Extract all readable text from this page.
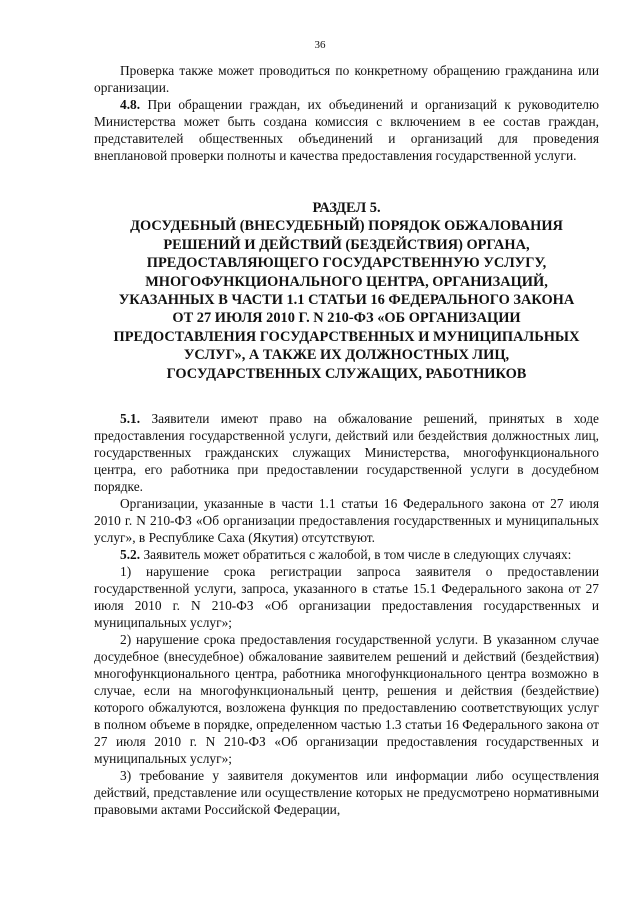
36

Проверка также может проводиться по конкретному обращению гражданина или организации.

4.8. При обращении граждан, их объединений и организаций к руководителю Министерства может быть создана комиссия с включением в ее состав граждан, представителей общественных объединений и организаций для проведения внеплановой проверки полноты и качества предоставления государственной услуги.

РАЗДЕЛ 5.
ДОСУДЕБНЫЙ (ВНЕСУДЕБНЫЙ) ПОРЯДОК ОБЖАЛОВАНИЯ
РЕШЕНИЙ И ДЕЙСТВИЙ (БЕЗДЕЙСТВИЯ) ОРГАНА,
ПРЕДОСТАВЛЯЮЩЕГО ГОСУДАРСТВЕННУЮ УСЛУГУ,
МНОГОФУНКЦИОНАЛЬНОГО ЦЕНТРА, ОРГАНИЗАЦИЙ,
УКАЗАННЫХ В ЧАСТИ 1.1 СТАТЬИ 16 ФЕДЕРАЛЬНОГО ЗАКОНА
ОТ 27 ИЮЛЯ 2010 Г. N 210-ФЗ «ОБ ОРГАНИЗАЦИИ
ПРЕДОСТАВЛЕНИЯ ГОСУДАРСТВЕННЫХ И МУНИЦИПАЛЬНЫХ
УСЛУГ», А ТАКЖЕ ИХ ДОЛЖНОСТНЫХ ЛИЦ,
ГОСУДАРСТВЕННЫХ СЛУЖАЩИХ, РАБОТНИКОВ

5.1. Заявители имеют право на обжалование решений, принятых в ходе предоставления государственной услуги, действий или бездействия должностных лиц, государственных гражданских служащих Министерства, многофункционального центра, его работника при предоставлении государственной услуги в досудебном порядке.

Организации, указанные в части 1.1 статьи 16 Федерального закона от 27 июля 2010 г. N 210-ФЗ «Об организации предоставления государственных и муниципальных услуг», в Республике Саха (Якутия) отсутствуют.

5.2. Заявитель может обратиться с жалобой, в том числе в следующих случаях:

1) нарушение срока регистрации запроса заявителя о предоставлении государственной услуги, запроса, указанного в статье 15.1 Федерального закона от 27 июля 2010 г. N 210-ФЗ «Об организации предоставления государственных и муниципальных услуг»;

2) нарушение срока предоставления государственной услуги. В указанном случае досудебное (внесудебное) обжалование заявителем решений и действий (бездействия) многофункционального центра, работника многофункционального центра возможно в случае, если на многофункциональный центр, решения и действия (бездействие) которого обжалуются, возложена функция по предоставлению соответствующих услуг в полном объеме в порядке, определенном частью 1.3 статьи 16 Федерального закона от 27 июля 2010 г. N 210-ФЗ «Об организации предоставления государственных и муниципальных услуг»;

3) требование у заявителя документов или информации либо осуществления действий, представление или осуществление которых не предусмотрено нормативными правовыми актами Российской Федерации,
